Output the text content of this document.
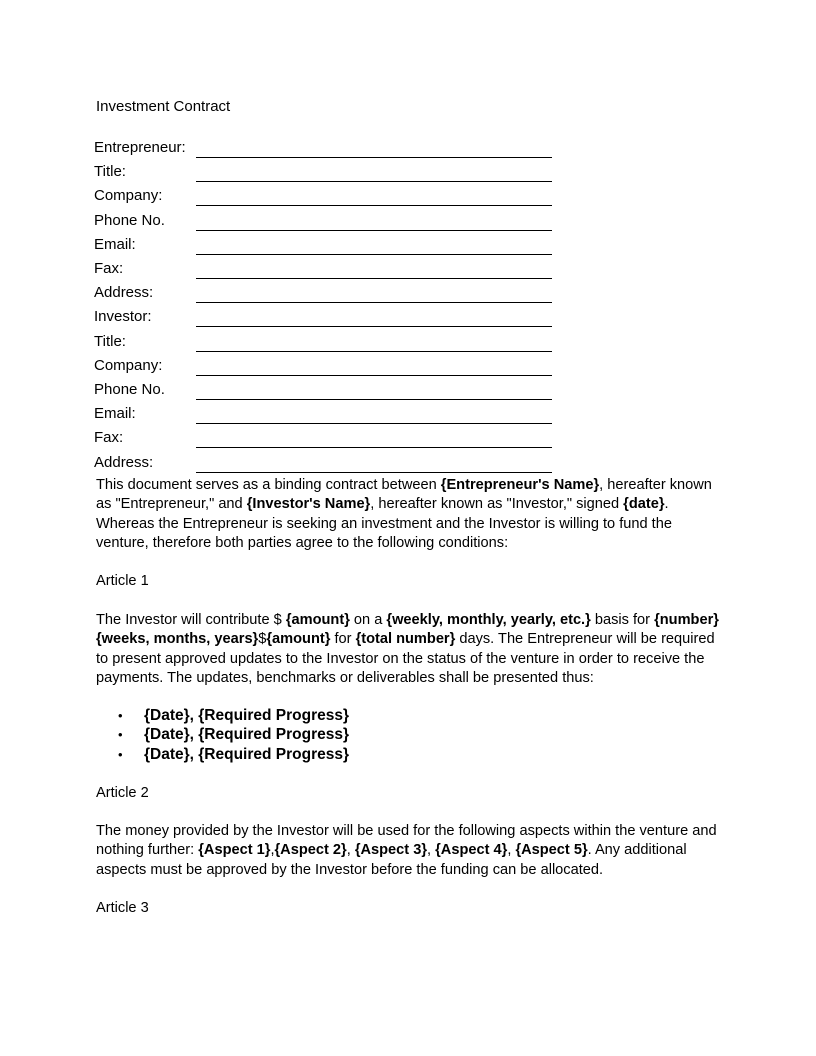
Investment Contract
Entrepreneur:
Title:
Company:
Phone No.
Email:
Fax:
Address:
Investor:
Title:
Company:
Phone No.
Email:
Fax:
Address:
This document serves as a binding contract between {Entrepreneur's Name}, hereafter known as "Entrepreneur," and {Investor's Name}, hereafter known as "Investor," signed {date}. Whereas the Entrepreneur is seeking an investment and the Investor is willing to fund the venture, therefore both parties agree to the following conditions:
Article 1
The Investor will contribute $ {amount} on a {weekly, monthly, yearly, etc.} basis for {number} {weeks, months, years}${amount} for {total number} days. The Entrepreneur will be required to present approved updates to the Investor on the status of the venture in order to receive the payments. The updates, benchmarks or deliverables shall be presented thus:
• {Date}, {Required Progress}
• {Date}, {Required Progress}
• {Date}, {Required Progress}
Article 2
The money provided by the Investor will be used for the following aspects within the venture and nothing further: {Aspect 1},{Aspect 2}, {Aspect 3}, {Aspect 4}, {Aspect 5}. Any additional aspects must be approved by the Investor before the funding can be allocated.
Article 3
